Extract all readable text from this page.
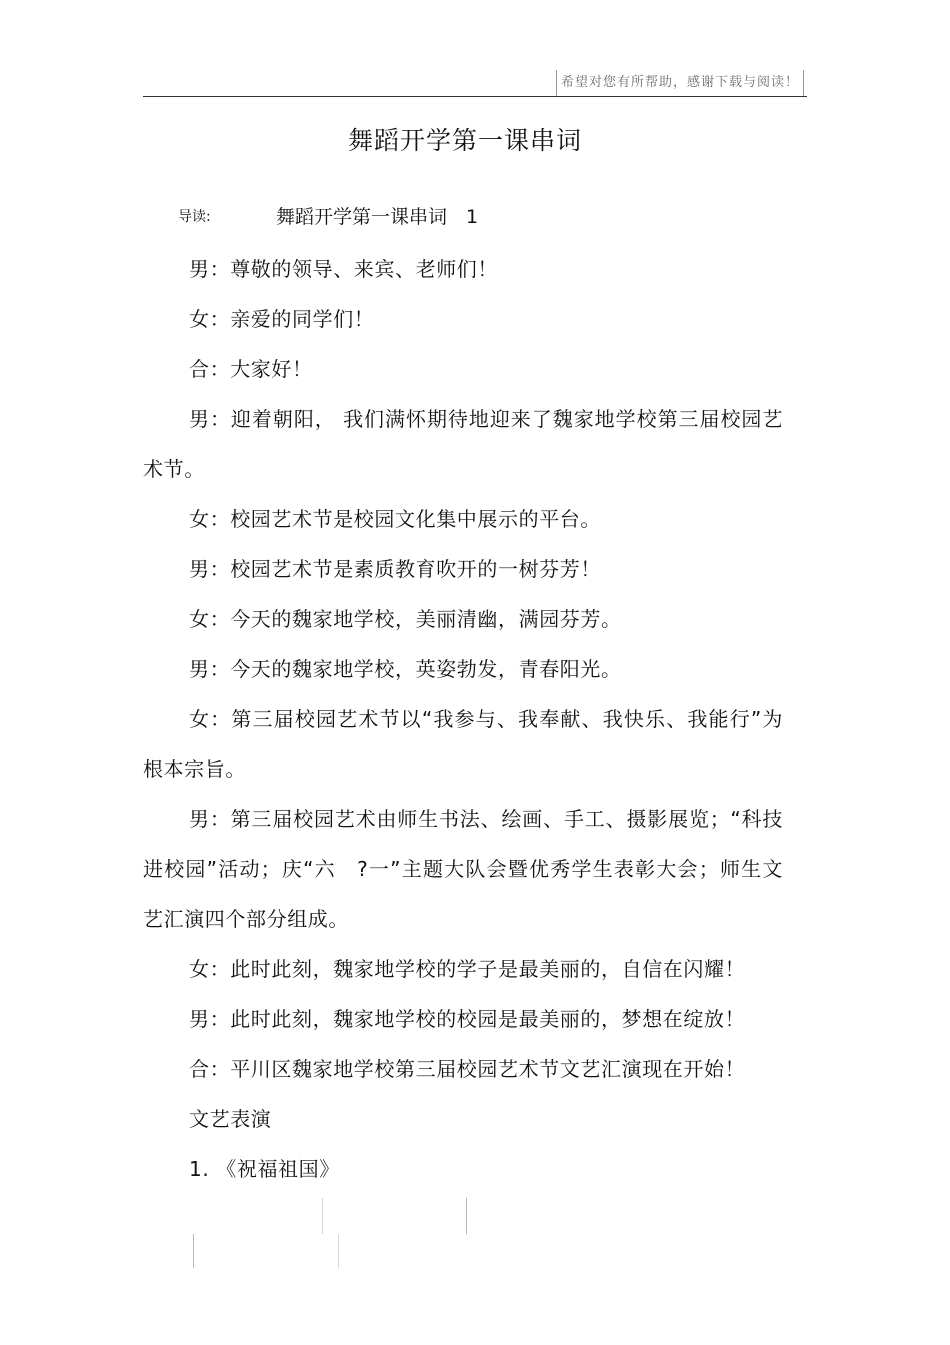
希望对您有所帮助，感谢下载与阅读！
舞蹈开学第一课串词
导读:	舞蹈开学第一课串词　1

男：尊敬的领导、来宾、老师们！

女：亲爱的同学们！

合：大家好！

男：迎着朝阳， 我们满怀期待地迎来了魏家地学校第三届校园艺术节。

女：校园艺术节是校园文化集中展示的平台。

男：校园艺术节是素质教育吹开的一树芬芳！

女：今天的魏家地学校，美丽清幽，满园芬芳。

男：今天的魏家地学校，英姿勃发，青春阳光。

女：第三届校园艺术节以“我参与、我奉献、我快乐、我能行”为根本宗旨。

男：第三届校园艺术由师生书法、绘画、手工、摄影展览；“科技进校园”活动；庆“六　?一”主题大队会暨优秀学生表彰大会；师生文艺汇演四个部分组成。

女：此时此刻，魏家地学校的学子是最美丽的，自信在闪耀！

男：此时此刻，魏家地学校的校园是最美丽的，梦想在绽放！

合：平川区魏家地学校第三届校园艺术节文艺汇演现在开始！

文艺表演

1. 《祝福祖国》
